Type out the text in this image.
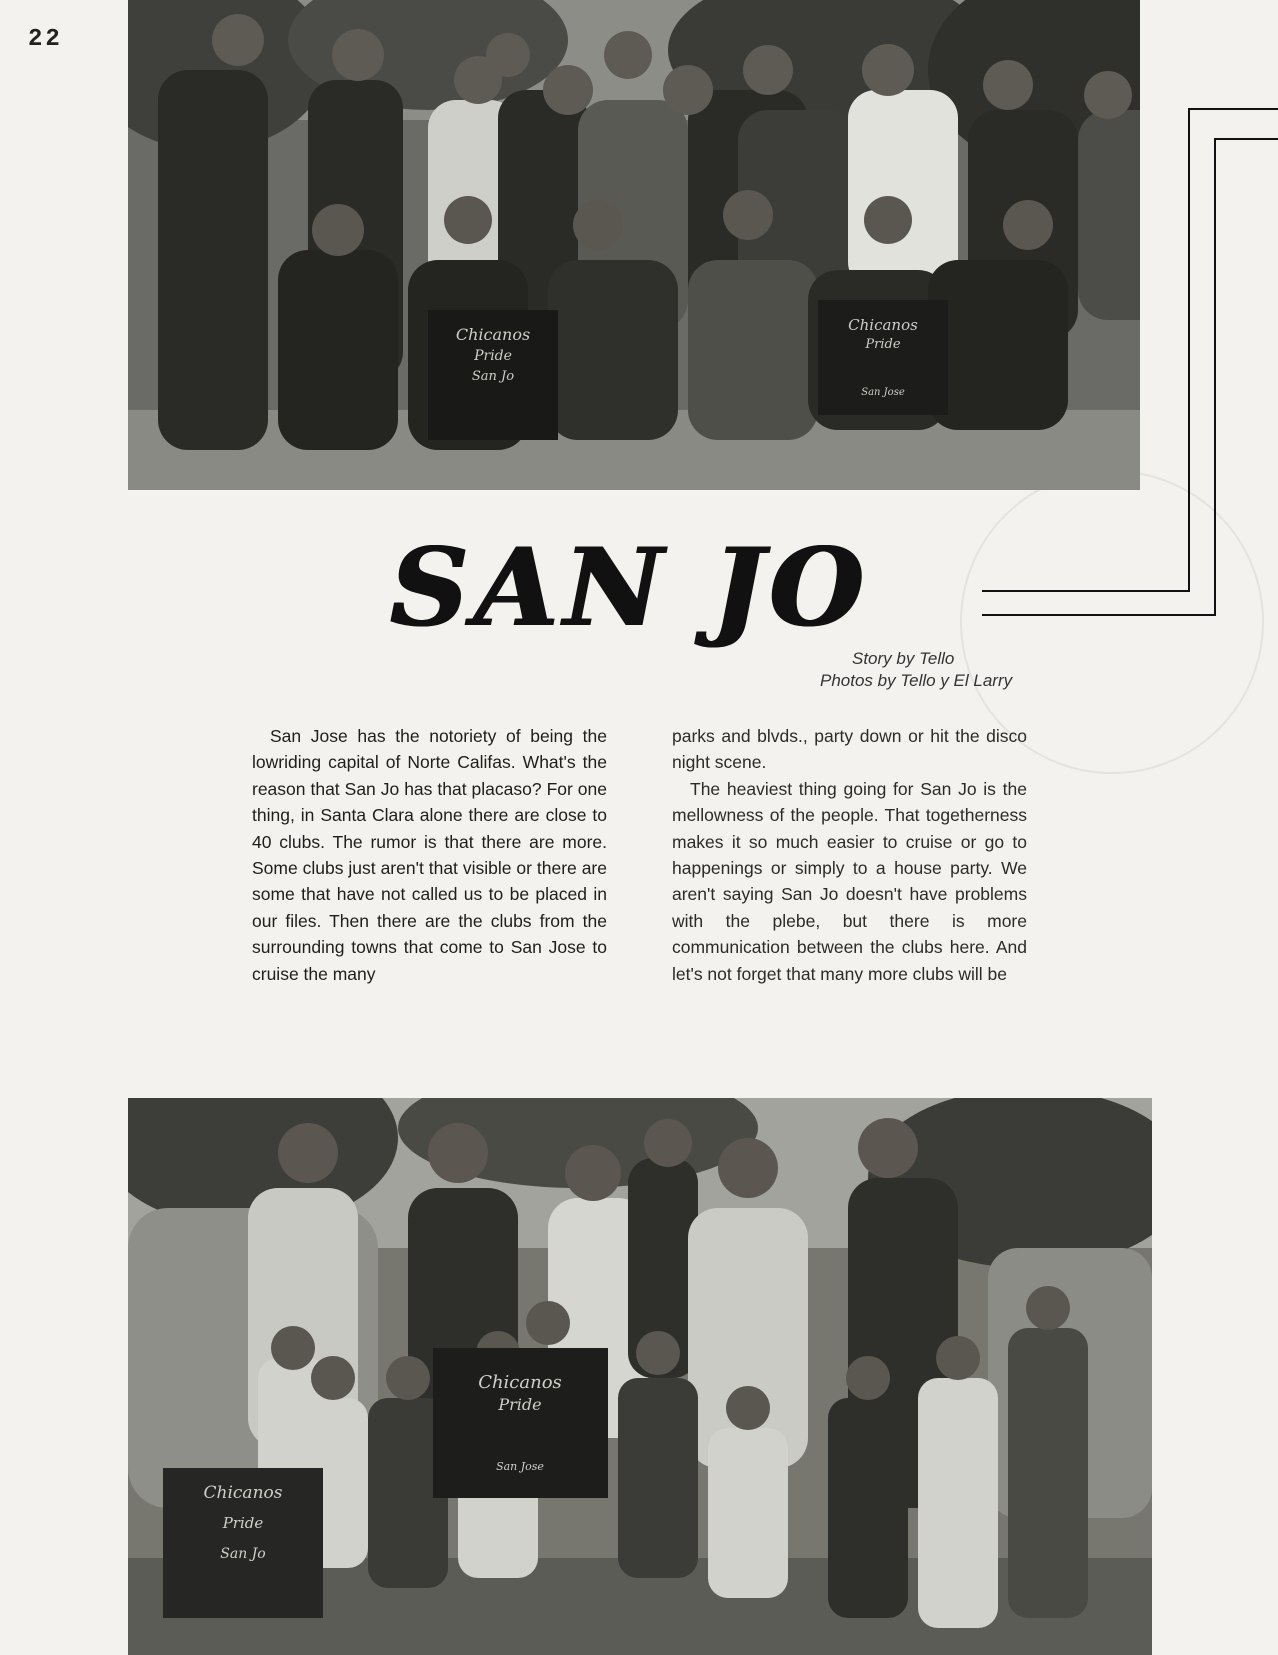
22
Chicanos
Pride
San Jo
Chicanos
Pride
San Jose
SAN JO
Story by Tello
Photos by Tello y El Larry
San Jose has the notoriety of being the lowriding capital of Norte Califas. What's the reason that San Jo has that placaso? For one thing, in Santa Clara alone there are close to 40 clubs. The rumor is that there are more. Some clubs just aren't that visible or there are some that have not called us to be placed in our files. Then there are the clubs from the surrounding towns that come to San Jose to cruise the many

parks and blvds., party down or hit the disco night scene.

The heaviest thing going for San Jo is the mellowness of the people. That togetherness makes it so much easier to cruise or go to happenings or simply to a house party. We aren't saying San Jo doesn't have problems with the plebe, but there is more communication between the clubs here. And let's not forget that many more clubs will be

Chicanos
Pride
San Jose
Chicanos
Pride
San Jo
